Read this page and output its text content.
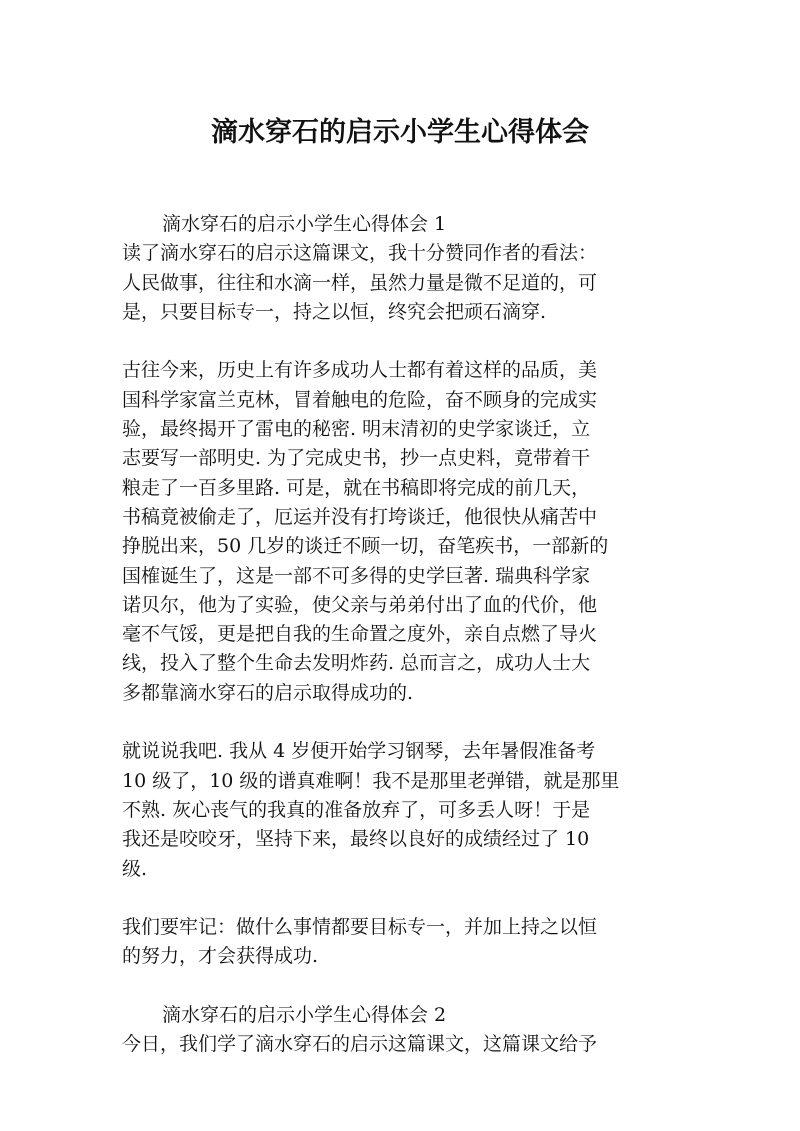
滴水穿石的启示小学生心得体会
滴水穿石的启示小学生心得体会 1
读了滴水穿石的启示这篇课文，我十分赞同作者的看法：
人民做事，往往和水滴一样，虽然力量是微不足道的，可
是，只要目标专一，持之以恒，终究会把顽石滴穿.
古往今来，历史上有许多成功人士都有着这样的品质，美
国科学家富兰克林，冒着触电的危险，奋不顾身的完成实
验，最终揭开了雷电的秘密. 明末清初的史学家谈迁，立
志要写一部明史. 为了完成史书，抄一点史料，竟带着干
粮走了一百多里路. 可是，就在书稿即将完成的前几天，
书稿竟被偷走了，厄运并没有打垮谈迁，他很快从痛苦中
挣脱出来，50 几岁的谈迁不顾一切，奋笔疾书，一部新的
国榷诞生了，这是一部不可多得的史学巨著. 瑞典科学家
诺贝尔，他为了实验，使父亲与弟弟付出了血的代价，他
毫不气馁，更是把自我的生命置之度外，亲自点燃了导火
线，投入了整个生命去发明炸药. 总而言之，成功人士大
多都靠滴水穿石的启示取得成功的.
就说说我吧. 我从 4 岁便开始学习钢琴，去年暑假准备考
10 级了，10 级的谱真难啊！我不是那里老弹错，就是那里
不熟. 灰心丧气的我真的准备放弃了，可多丢人呀！于是
我还是咬咬牙，坚持下来，最终以良好的成绩经过了 10
级.
我们要牢记：做什么事情都要目标专一，并加上持之以恒
的努力，才会获得成功.
滴水穿石的启示小学生心得体会 2
今日，我们学了滴水穿石的启示这篇课文，这篇课文给予
